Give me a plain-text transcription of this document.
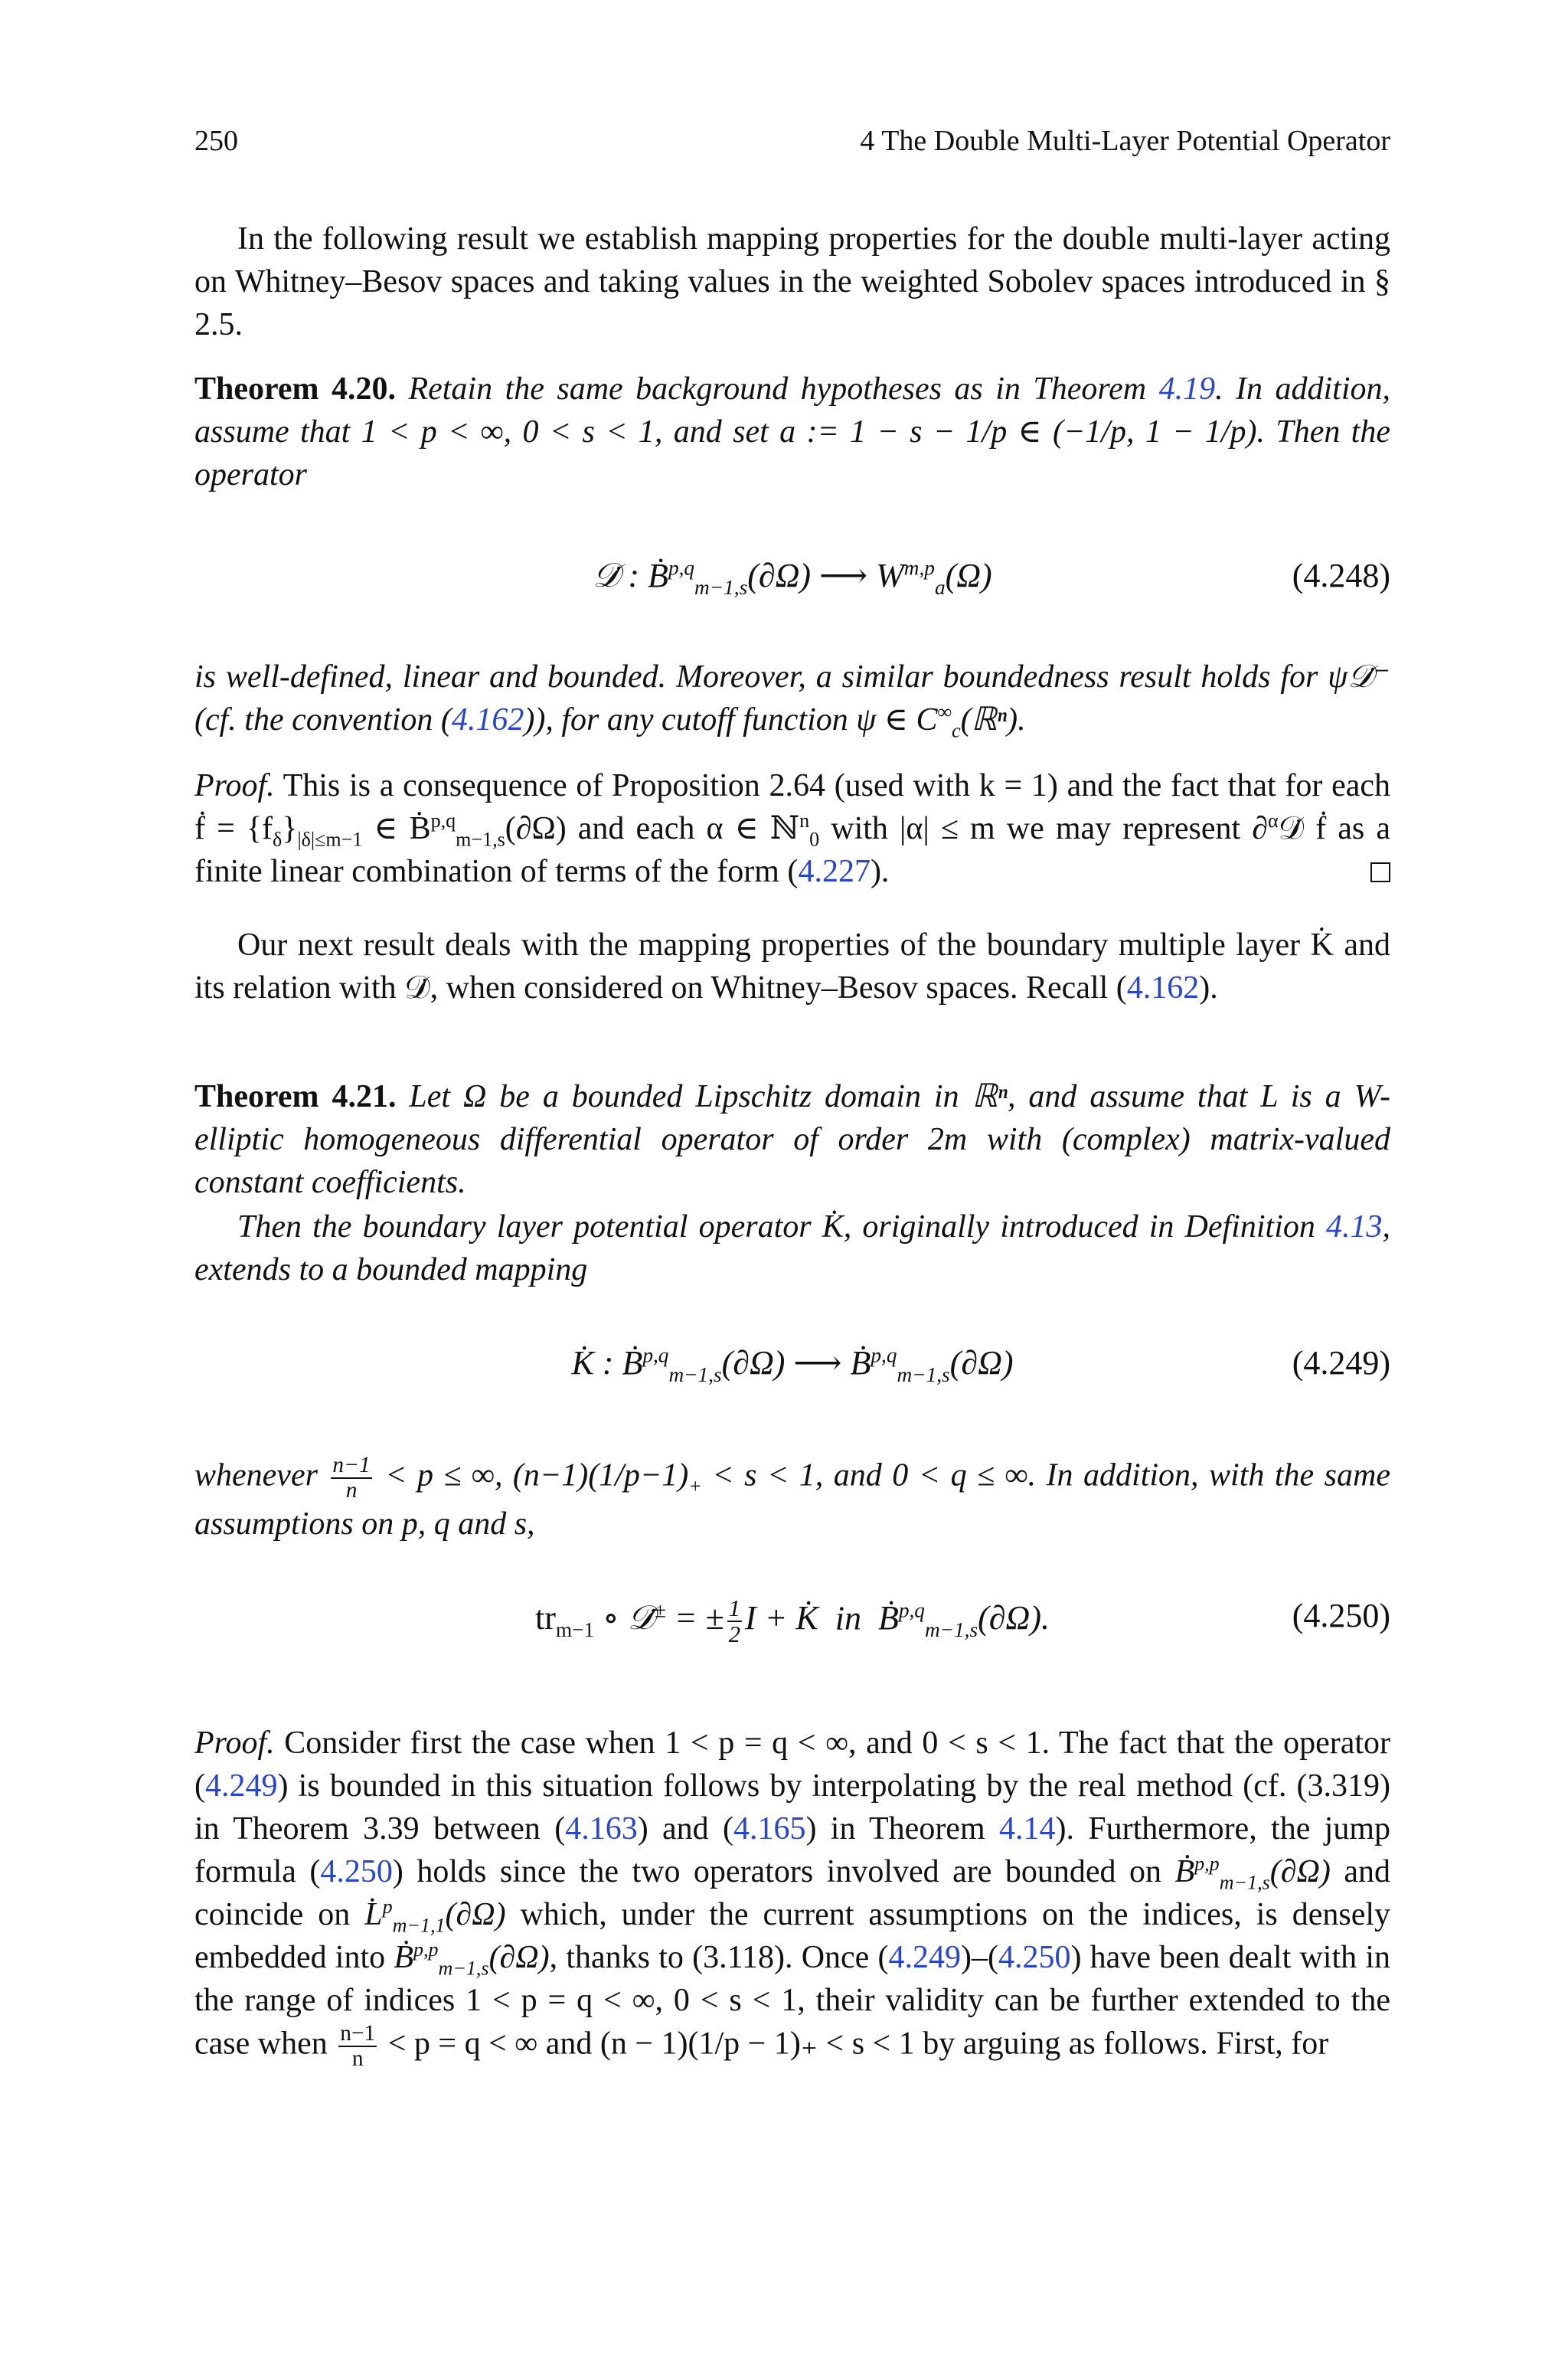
250	4 The Double Multi-Layer Potential Operator
In the following result we establish mapping properties for the double multi-layer acting on Whitney–Besov spaces and taking values in the weighted Sobolev spaces introduced in § 2.5.
Theorem 4.20. Retain the same background hypotheses as in Theorem 4.19. In addition, assume that 1 < p < ∞, 0 < s < 1, and set a := 1 − s − 1/p ∈ (−1/p, 1 − 1/p). Then the operator
𝒟̇ : Ḃ$^{p,q}_{m-1,s}$(∂Ω) ⟶ W$^{m,p}_a$(Ω)	(4.248)
is well-defined, linear and bounded. Moreover, a similar boundedness result holds for ψ𝒟̇⁻ (cf. the convention (4.162)), for any cutoff function ψ ∈ $C^\infty_c(ℝ^n)$.
Proof. This is a consequence of Proposition 2.64 (used with k = 1) and the fact that for each ḟ = $\{f_\delta\}_{|\delta|\le m-1}$ ∈ Ḃ$^{p,q}_{m-1,s}$(∂Ω) and each α ∈ ℕ$^n_0$ with |α| ≤ m we may represent ∂$^\alpha$𝒟̇ ḟ as a finite linear combination of terms of the form (4.227).
Our next result deals with the mapping properties of the boundary multiple layer K̇ and its relation with 𝒟̇, when considered on Whitney–Besov spaces. Recall (4.162).
Theorem 4.21. Let Ω be a bounded Lipschitz domain in ℝⁿ, and assume that L is a W-elliptic homogeneous differential operator of order 2m with (complex) matrix-valued constant coefficients.
Then the boundary layer potential operator K̇, originally introduced in Definition 4.13, extends to a bounded mapping
K̇ : Ḃ$^{p,q}_{m-1,s}$(∂Ω) ⟶ Ḃ$^{p,q}_{m-1,s}$(∂Ω)	(4.249)
whenever $\frac{n-1}{n} < p$ ≤ ∞, $(n-1)(1/p-1)_+ < s < 1$, and 0 < q ≤ ∞. In addition, with the same assumptions on p, q and s,
$tr_{m-1}$ ∘ 𝒟̇± = ± $\frac{1}{2}$ I + K̇ in Ḃ$^{p,q}_{m-1,s}$(∂Ω).	(4.250)
Proof. Consider first the case when 1 < p = q < ∞, and 0 < s < 1. The fact that the operator (4.249) is bounded in this situation follows by interpolating by the real method (cf. (3.319) in Theorem 3.39 between (4.163) and (4.165) in Theorem 4.14). Furthermore, the jump formula (4.250) holds since the two operators involved are bounded on Ḃ$^{p,p}_{m-1,s}$(∂Ω) and coincide on L̇$^p_{m-1,1}$(∂Ω) which, under the current assumptions on the indices, is densely embedded into Ḃ$^{p,p}_{m-1,s}$(∂Ω), thanks to (3.118). Once (4.249)–(4.250) have been dealt with in the range of indices 1 < p = q < ∞, 0 < s < 1, their validity can be further extended to the case when $\frac{n-1}{n} < p = q$ < ∞ and (n − 1)(1/p − 1)₊ < s < 1 by arguing as follows. First, for
